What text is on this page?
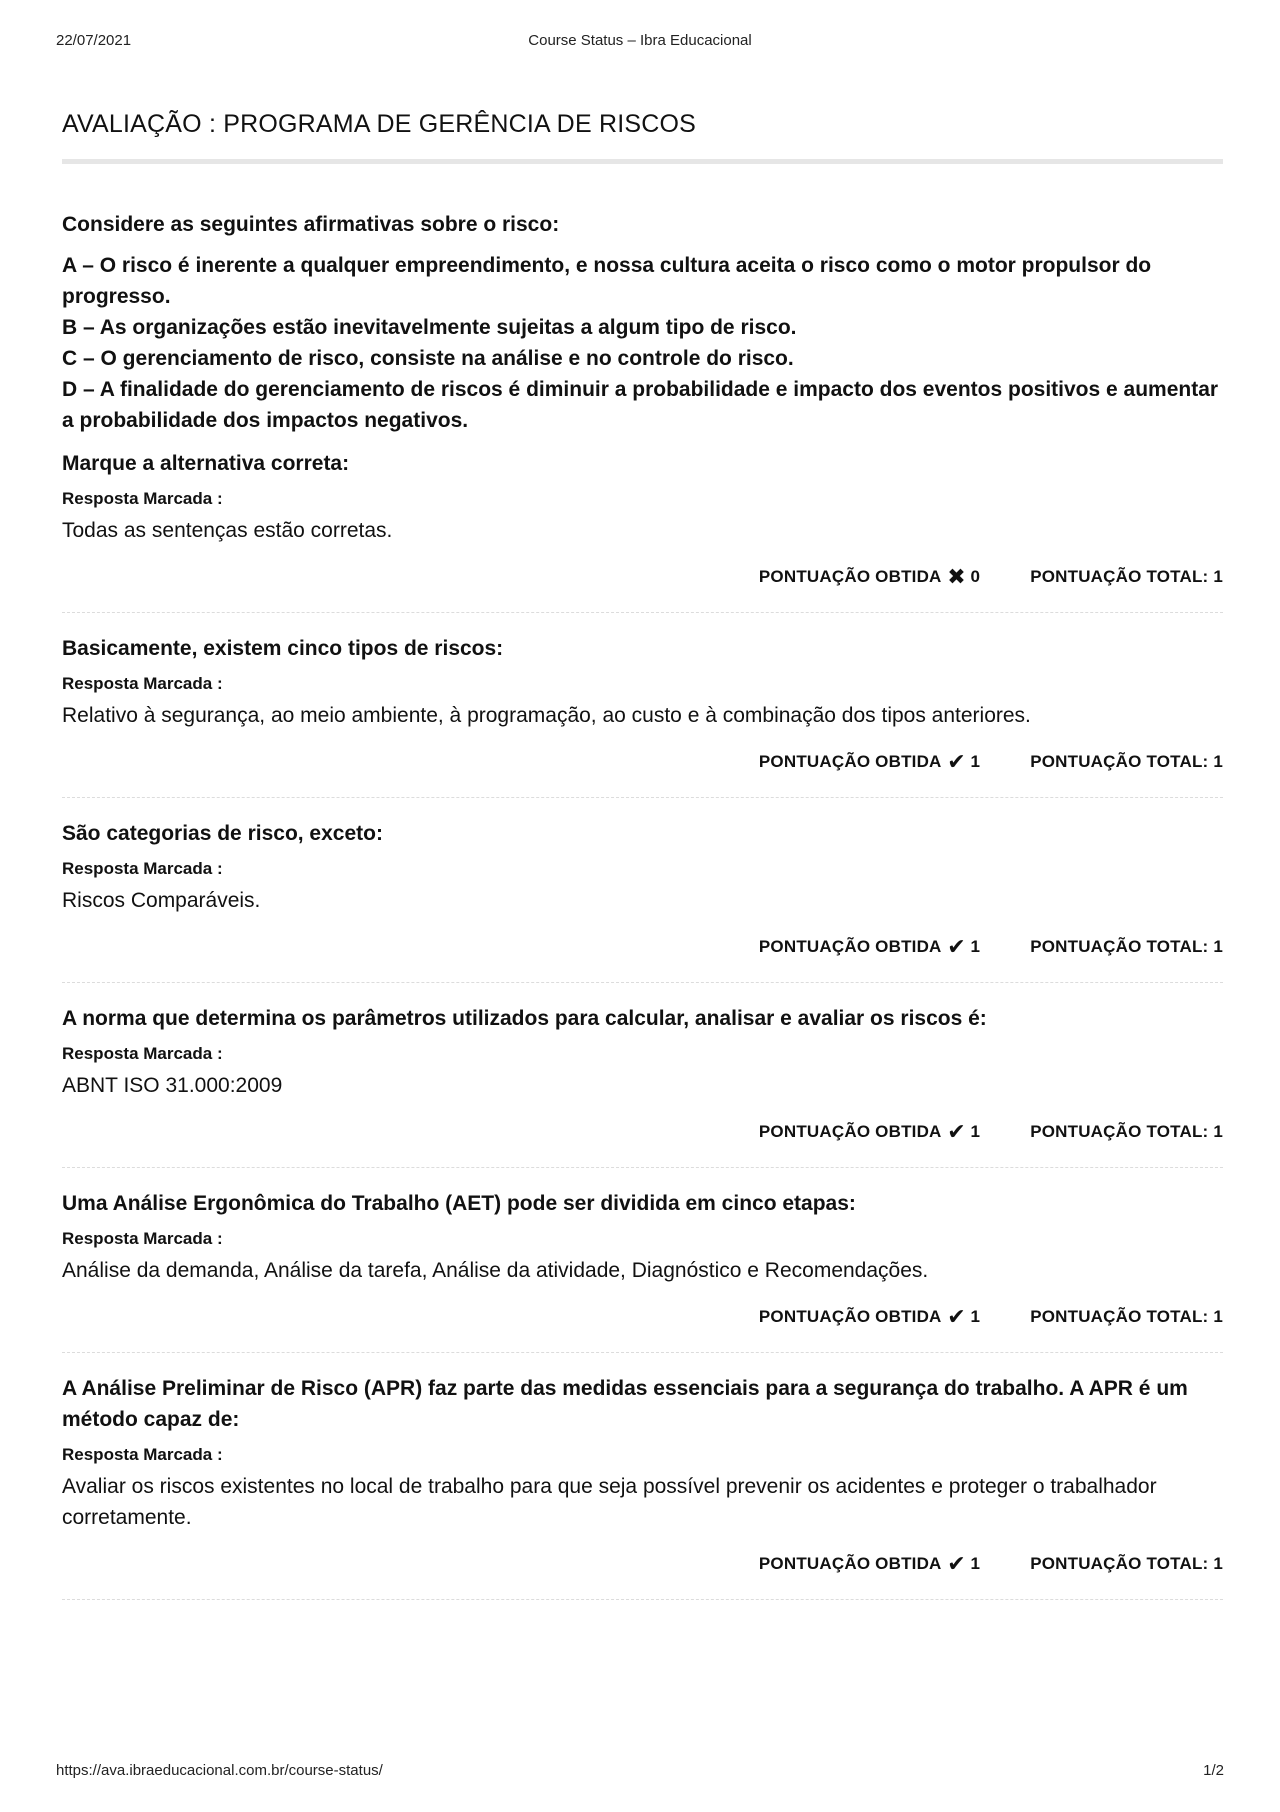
22/07/2021	Course Status – Ibra Educacional
AVALIAÇÃO : PROGRAMA DE GERÊNCIA DE RISCOS

Considere as seguintes afirmativas sobre o risco:

A – O risco é inerente a qualquer empreendimento, e nossa cultura aceita o risco como o motor propulsor do progresso.
B – As organizações estão inevitavelmente sujeitas a algum tipo de risco.
C – O gerenciamento de risco, consiste na análise e no controle do risco.
D – A finalidade do gerenciamento de riscos é diminuir a probabilidade e impacto dos eventos positivos e aumentar a probabilidade dos impactos negativos.

Marque a alternativa correta:

Resposta Marcada :

Todas as sentenças estão corretas.

PONTUAÇÃO OBTIDA ✖ 0	PONTUAÇÃO TOTAL: 1

Basicamente, existem cinco tipos de riscos:

Resposta Marcada :

Relativo à segurança, ao meio ambiente, à programação, ao custo e à combinação dos tipos anteriores.

PONTUAÇÃO OBTIDA ✔ 1	PONTUAÇÃO TOTAL: 1

São categorias de risco, exceto:

Resposta Marcada :

Riscos Comparáveis.

PONTUAÇÃO OBTIDA ✔ 1	PONTUAÇÃO TOTAL: 1

A norma que determina os parâmetros utilizados para calcular, analisar e avaliar os riscos é:

Resposta Marcada :

ABNT ISO 31.000:2009

PONTUAÇÃO OBTIDA ✔ 1	PONTUAÇÃO TOTAL: 1

Uma Análise Ergonômica do Trabalho (AET) pode ser dividida em cinco etapas:

Resposta Marcada :

Análise da demanda, Análise da tarefa, Análise da atividade, Diagnóstico e Recomendações.

PONTUAÇÃO OBTIDA ✔ 1	PONTUAÇÃO TOTAL: 1

A Análise Preliminar de Risco (APR) faz parte das medidas essenciais para a segurança do trabalho. A APR é um método capaz de:

Resposta Marcada :

Avaliar os riscos existentes no local de trabalho para que seja possível prevenir os acidentes e proteger o trabalhador corretamente.

PONTUAÇÃO OBTIDA ✔ 1	PONTUAÇÃO TOTAL: 1
https://ava.ibraeducacional.com.br/course-status/	1/2
